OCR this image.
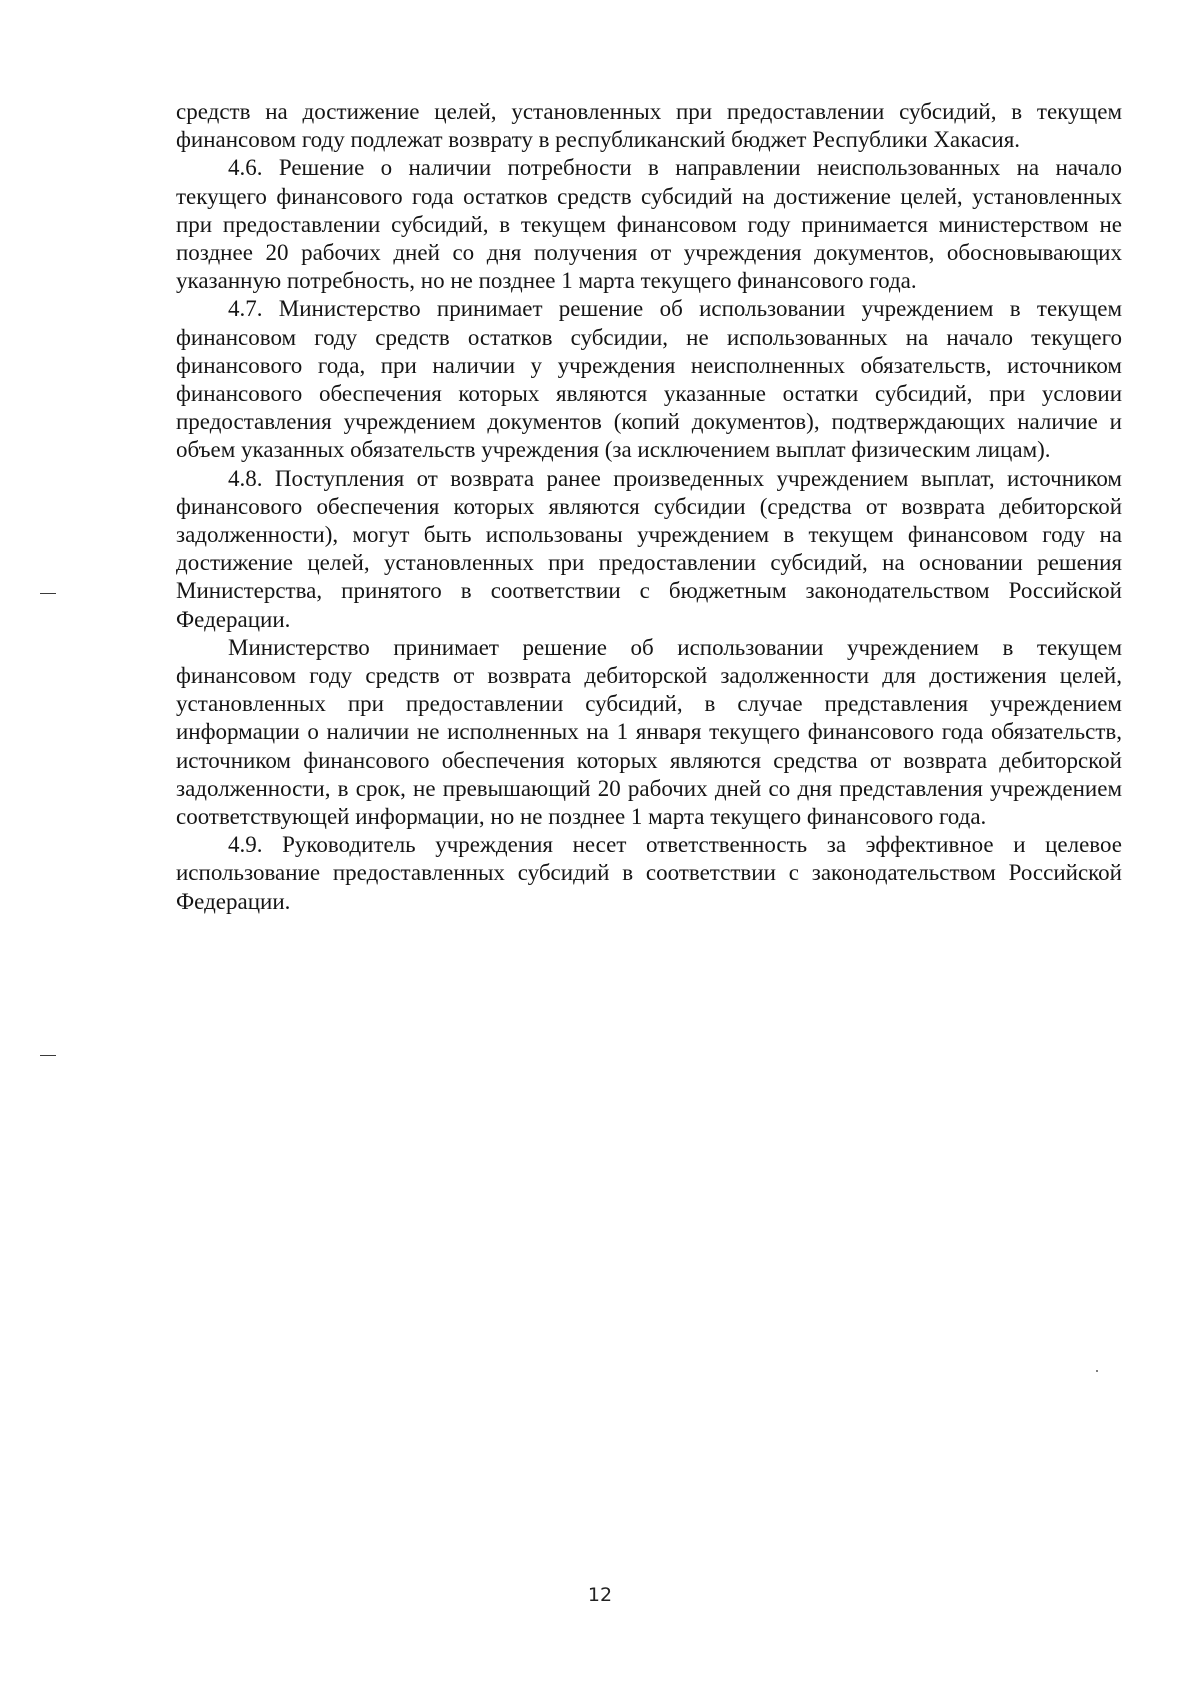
средств на достижение целей, установленных при предоставлении субсидий, в текущем финансовом году подлежат возврату в республиканский бюджет Республики Хакасия.

4.6. Решение о наличии потребности в направлении неиспользованных на начало текущего финансового года остатков средств субсидий на достижение целей, установленных при предоставлении субсидий, в текущем финансовом году принимается министерством не позднее 20 рабочих дней со дня получения от учреждения документов, обосновывающих указанную потребность, но не позднее 1 марта текущего финансового года.

4.7. Министерство принимает решение об использовании учреждением в текущем финансовом году средств остатков субсидии, не использованных на начало текущего финансового года, при наличии у учреждения неисполненных обязательств, источником финансового обеспечения которых являются указанные остатки субсидий, при условии предоставления учреждением документов (копий документов), подтверждающих наличие и объем указанных обязательств учреждения (за исключением выплат физическим лицам).

4.8. Поступления от возврата ранее произведенных учреждением выплат, источником финансового обеспечения которых являются субсидии (средства от возврата дебиторской задолженности), могут быть использованы учреждением в текущем финансовом году на достижение целей, установленных при предоставлении субсидий, на основании решения Министерства, принятого в соответствии с бюджетным законодательством Российской Федерации.

Министерство принимает решение об использовании учреждением в текущем финансовом году средств от возврата дебиторской задолженности для достижения целей, установленных при предоставлении субсидий, в случае представления учреждением информации о наличии не исполненных на 1 января текущего финансового года обязательств, источником финансового обеспечения которых являются средства от возврата дебиторской задолженности, в срок, не превышающий 20 рабочих дней со дня представления учреждением соответствующей информации, но не позднее 1 марта текущего финансового года.

4.9. Руководитель учреждения несет ответственность за эффективное и целевое использование предоставленных субсидий в соответствии с законодательством Российской Федерации.

12
